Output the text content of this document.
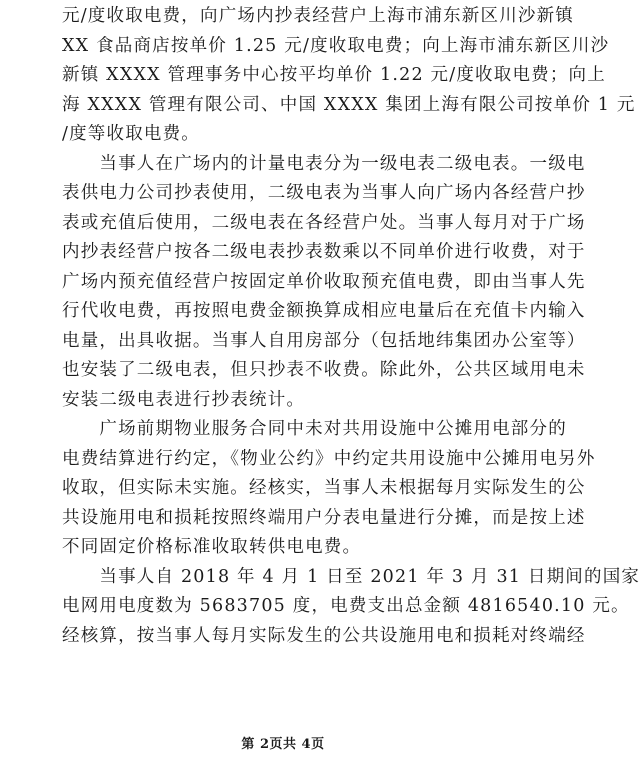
元/度收取电费，向广场内抄表经营户上海市浦东新区川沙新镇
XX 食品商店按单价 1.25 元/度收取电费；向上海市浦东新区川沙
新镇 XXXX 管理事务中心按平均单价 1.22 元/度收取电费；向上
海 XXXX 管理有限公司、中国 XXXX 集团上海有限公司按单价 1 元
/度等收取电费。

　　当事人在广场内的计量电表分为一级电表二级电表。一级电
表供电力公司抄表使用，二级电表为当事人向广场内各经营户抄
表或充值后使用，二级电表在各经营户处。当事人每月对于广场
内抄表经营户按各二级电表抄表数乘以不同单价进行收费，对于
广场内预充值经营户按固定单价收取预充值电费，即由当事人先
行代收电费，再按照电费金额换算成相应电量后在充值卡内输入
电量，出具收据。当事人自用房部分（包括地纬集团办公室等）
也安装了二级电表，但只抄表不收费。除此外，公共区域用电未
安装二级电表进行抄表统计。

　　广场前期物业服务合同中未对共用设施中公摊用电部分的
电费结算进行约定，《物业公约》中约定共用设施中公摊用电另外
收取，但实际未实施。经核实，当事人未根据每月实际发生的公
共设施用电和损耗按照终端用户分表电量进行分摊，而是按上述
不同固定价格标准收取转供电电费。

　　当事人自 2018 年 4 月 1 日至 2021 年 3 月 31 日期间的国家
电网用电度数为 5683705 度，电费支出总金额 4816540.10 元。
经核算，按当事人每月实际发生的公共设施用电和损耗对终端经

第 2页共 4页
